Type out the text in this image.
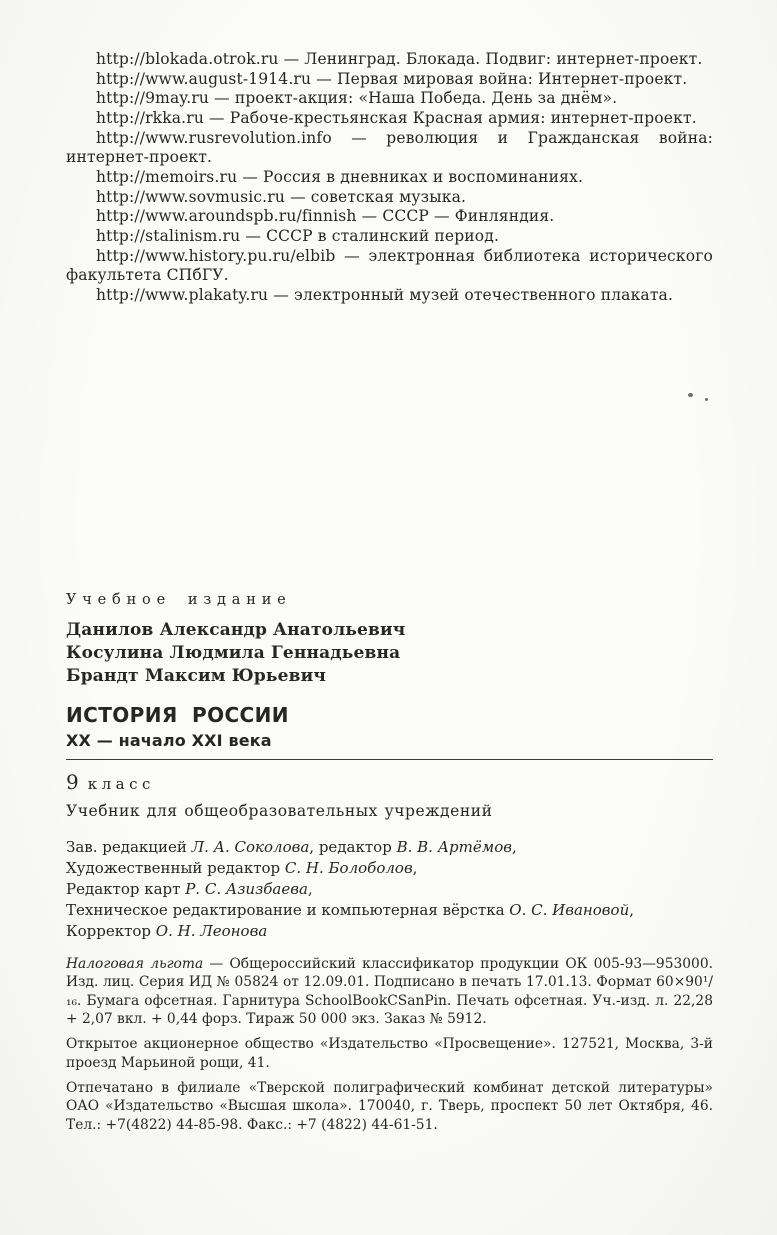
http://blokada.otrok.ru — Ленинград. Блокада. Подвиг: интернет-проект.

http://www.august-1914.ru — Первая мировая война: Интернет-проект.

http://9may.ru — проект-акция: «Наша Победа. День за днём».

http://rkka.ru — Рабоче-крестьянская Красная армия: интернет-проект.

http://www.rusrevolution.info — революция и Гражданская война: интернет-проект.

http://memoirs.ru — Россия в дневниках и воспоминаниях.

http://www.sovmusic.ru — советская музыка.

http://www.aroundspb.ru/finnish — СССР — Финляндия.

http://stalinism.ru — СССР в сталинский период.

http://www.history.pu.ru/elbib — электронная библиотека исторического факультета СПбГУ.

http://www.plakaty.ru — электронный музей отечественного плаката.

Учебное издание

Данилов Александр Анатольевич

Косулина Людмила Геннадьевна

Брандт Максим Юрьевич

ИСТОРИЯ РОССИИ

XX — начало XXI века

9 класс

Учебник для общеобразовательных учреждений

Зав. редакцией Л. А. Соколова, редактор В. В. Артёмов,

Художественный редактор С. Н. Болоболов,

Редактор карт Р. С. Азизбаева,

Техническое редактирование и компьютерная вёрстка О. С. Ивановой,

Корректор О. Н. Леонова

Налоговая льгота — Общероссийский классификатор продукции ОК 005-93—953000. Изд. лиц. Серия ИД № 05824 от 12.09.01. Подписано в печать 17.01.13. Формат 60×90¹/₁₆. Бумага офсетная. Гарнитура SchoolBookCSanPin. Печать офсетная. Уч.-изд. л. 22,28 + 2,07 вкл. + 0,44 форз. Тираж 50 000 экз. Заказ № 5912.

Открытое акционерное общество «Издательство «Просвещение». 127521, Москва, 3-й проезд Марьиной рощи, 41.

Отпечатано в филиале «Тверской полиграфический комбинат детской литературы» ОАО «Издательство «Высшая школа». 170040, г. Тверь, проспект 50 лет Октября, 46. Тел.: +7(4822) 44-85-98. Факс.: +7 (4822) 44-61-51.
